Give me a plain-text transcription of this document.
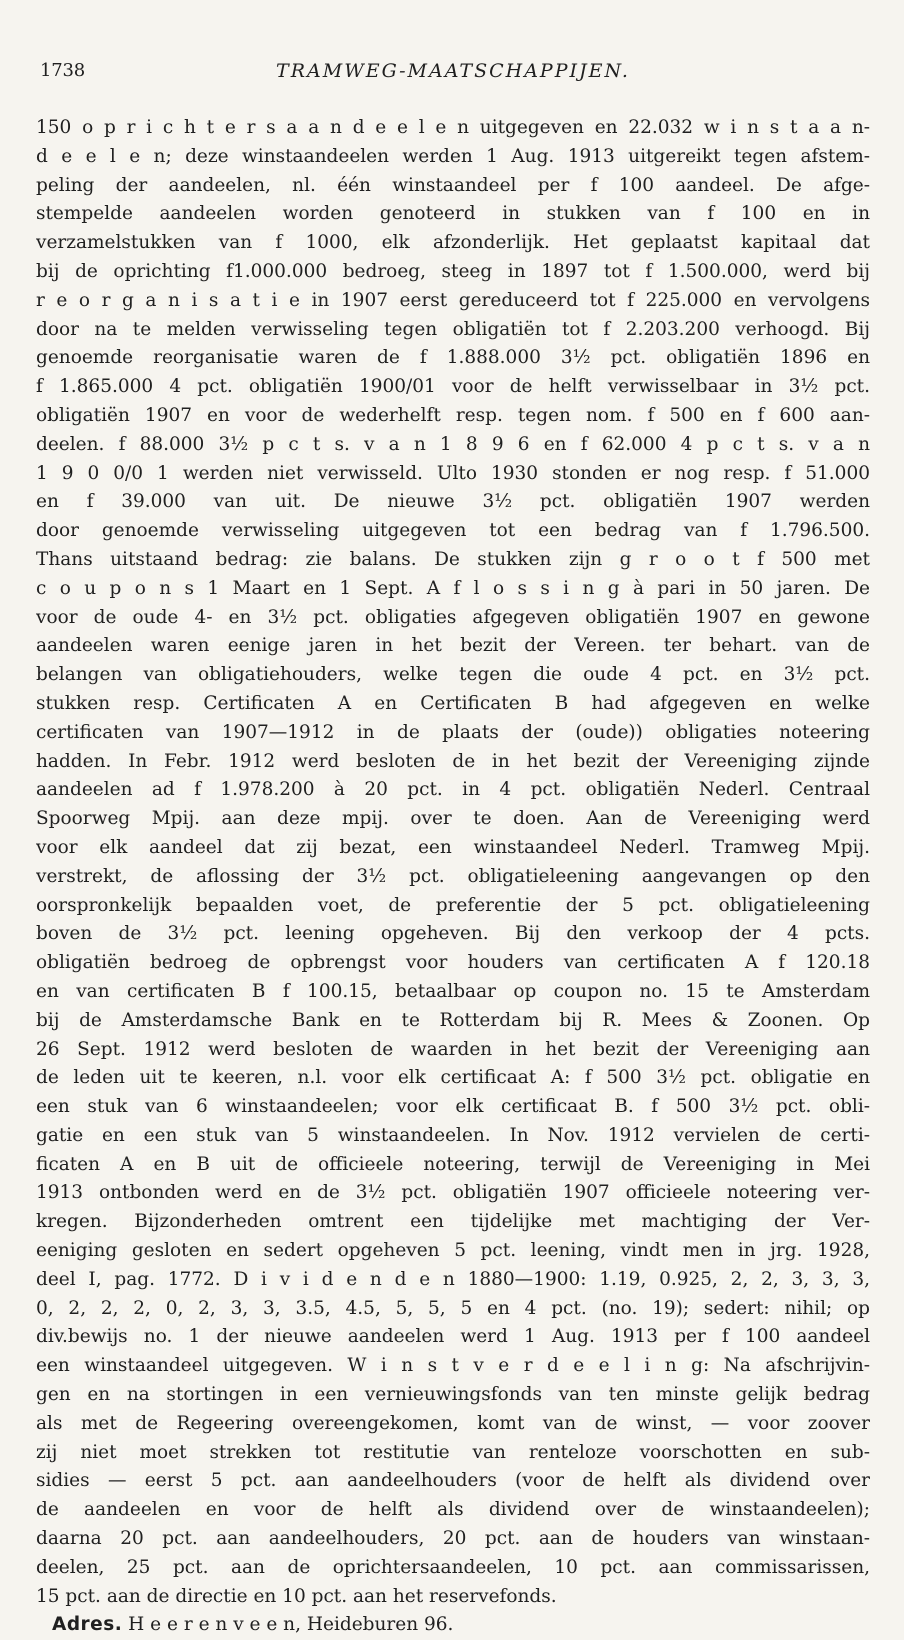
1738	TRAMWEG-MAATSCHAPPIJEN.
150 o p r i c h t e r s a a n d e e l e n uitgegeven en 22.032 w i n s t a a n-
d e e l e n; deze winstaandeelen werden 1 Aug. 1913 uitgereikt tegen afstem-
peling der aandeelen, nl. één winstaandeel per f 100 aandeel. De afge-
stempelde aandeelen worden genoteerd in stukken van f 100 en in
verzamelstukken van f 1000, elk afzonderlijk. Het geplaatst kapitaal dat
bij de oprichting f1.000.000 bedroeg, steeg in 1897 tot f 1.500.000, werd bij
r e o r g a n i s a t i e in 1907 eerst gereduceerd tot f 225.000 en vervolgens
door na te melden verwisseling tegen obligatiën tot f 2.203.200 verhoogd. Bij
genoemde reorganisatie waren de f 1.888.000 3½ pct. obligatiën 1896 en
f 1.865.000 4 pct. obligatiën 1900/01 voor de helft verwisselbaar in 3½ pct.
obligatiën 1907 en voor de wederhelft resp. tegen nom. f 500 en f 600 aan-
deelen. f 88.000 3½ p c t s. v a n 1 8 9 6 en f 62.000 4 p c t s. v a n
1 9 0 0/0 1 werden niet verwisseld. Ulto 1930 stonden er nog resp. f 51.000
en f 39.000 van uit. De nieuwe 3½ pct. obligatiën 1907 werden
door genoemde verwisseling uitgegeven tot een bedrag van f 1.796.500.
Thans uitstaand bedrag: zie balans. De stukken zijn g r o o t f 500 met
c o u p o n s 1 Maart en 1 Sept. A f l o s s i n g à pari in 50 jaren. De
voor de oude 4- en 3½ pct. obligaties afgegeven obligatiën 1907 en gewone
aandeelen waren eenige jaren in het bezit der Vereen. ter behart. van de
belangen van obligatiehouders, welke tegen die oude 4 pct. en 3½ pct.
stukken resp. Certificaten A en Certificaten B had afgegeven en welke
certificaten van 1907—1912 in de plaats der (oude)) obligaties noteering
hadden. In Febr. 1912 werd besloten de in het bezit der Vereeniging zijnde
aandeelen ad f 1.978.200 à 20 pct. in 4 pct. obligatiën Nederl. Centraal
Spoorweg Mpij. aan deze mpij. over te doen. Aan de Vereeniging werd
voor elk aandeel dat zij bezat, een winstaandeel Nederl. Tramweg Mpij.
verstrekt, de aflossing der 3½ pct. obligatieleening aangevangen op den
oorspronkelijk bepaalden voet, de preferentie der 5 pct. obligatieleening
boven de 3½ pct. leening opgeheven. Bij den verkoop der 4 pcts.
obligatiën bedroeg de opbrengst voor houders van certificaten A f 120.18
en van certificaten B f 100.15, betaalbaar op coupon no. 15 te Amsterdam
bij de Amsterdamsche Bank en te Rotterdam bij R. Mees & Zoonen. Op
26 Sept. 1912 werd besloten de waarden in het bezit der Vereeniging aan
de leden uit te keeren, n.l. voor elk certificaat A: f 500 3½ pct. obligatie en
een stuk van 6 winstaandeelen; voor elk certificaat B. f 500 3½ pct. obli-
gatie en een stuk van 5 winstaandeelen. In Nov. 1912 vervielen de certi-
ficaten A en B uit de officieele noteering, terwijl de Vereeniging in Mei
1913 ontbonden werd en de 3½ pct. obligatiën 1907 officieele noteering ver-
kregen. Bijzonderheden omtrent een tijdelijke met machtiging der Ver-
eeniging gesloten en sedert opgeheven 5 pct. leening, vindt men in jrg. 1928,
deel I, pag. 1772. D i v i d e n d e n 1880—1900: 1.19, 0.925, 2, 2, 3, 3, 3,
0, 2, 2, 2, 0, 2, 3, 3, 3.5, 4.5, 5, 5, 5 en 4 pct. (no. 19); sedert: nihil; op
div.bewijs no. 1 der nieuwe aandeelen werd 1 Aug. 1913 per f 100 aandeel
een winstaandeel uitgegeven. W i n s t v e r d e e l i n g: Na afschrijvin-
gen en na stortingen in een vernieuwingsfonds van ten minste gelijk bedrag
als met de Regeering overeengekomen, komt van de winst, — voor zoover
zij niet moet strekken tot restitutie van renteloze voorschotten en sub-
sidies — eerst 5 pct. aan aandeelhouders (voor de helft als dividend over
de aandeelen en voor de helft als dividend over de winstaandeelen);
daarna 20 pct. aan aandeelhouders, 20 pct. aan de houders van winstaan-
deelen, 25 pct. aan de oprichtersaandeelen, 10 pct. aan commissarissen,
15 pct. aan de directie en 10 pct. aan het reservefonds.
Adres. H e e r e n v e e n, Heideburen 96.
